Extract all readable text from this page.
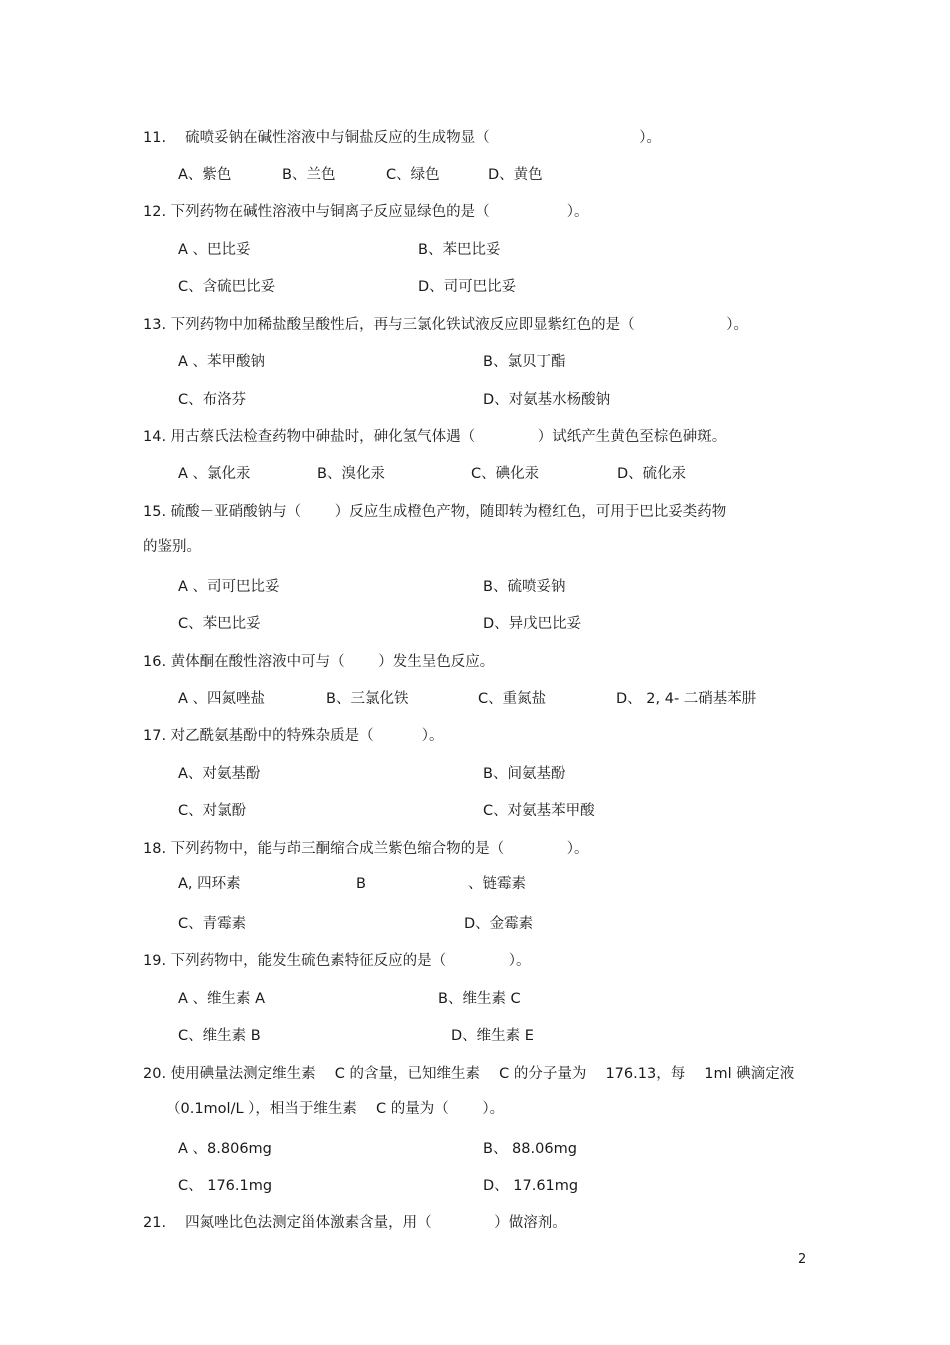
11.　 硫喷妥钠在碱性溶液中与铜盐反应的生成物显（　　　　　　　　　　 ）。
A、紫色	B、兰色	C、绿色	D、黄色
12. 下列药物在碱性溶液中与铜离子反应显绿色的是（　　　　　 ）。
A 、巴比妥	B、苯巴比妥
C、含硫巴比妥	D、司可巴比妥
13. 下列药物中加稀盐酸呈酸性后，再与三氯化铁试液反应即显紫红色的是（　　　　　　 ）。
A 、苯甲酸钠	B、氯贝丁酯
C、布洛芬	D、对氨基水杨酸钠
14. 用古蔡氏法检查药物中砷盐时，砷化氢气体遇（　　　　 ）试纸产生黄色至棕色砷斑。
A 、氯化汞	B、溴化汞	C、碘化汞	D、硫化汞
15. 硫酸－亚硝酸钠与（　　 ）反应生成橙色产物，随即转为橙红色，可用于巴比妥类药物
的鉴别。
A 、司可巴比妥	B、硫喷妥钠
C、苯巴比妥	D、异戊巴比妥
16. 黄体酮在酸性溶液中可与（　　 ）发生呈色反应。
A 、四氮唑盐	B、三氯化铁	C、重氮盐	D、 2, 4- 二硝基苯肼
17. 对乙酰氨基酚中的特殊杂质是（　　　 ）。
A、对氨基酚	B、间氨基酚
C、对氯酚	C、对氨基苯甲酸
18. 下列药物中，能与茚三酮缩合成兰紫色缩合物的是（　　　　 ）。
A, 四环素	B	、链霉素
C、青霉素	D、金霉素
19. 下列药物中，能发生硫色素特征反应的是（　　　　 ）。
A 、维生素 A	B、维生素 C
C、维生素 B	D、维生素 E
20. 使用碘量法测定维生素　 C 的含量，已知维生素　 C 的分子量为　 176.13，每　 1ml 碘滴定液
（0.1mol/L ），相当于维生素　 C 的量为（　　 ）。
A 、8.806mg	B、 88.06mg
C、 176.1mg	D、 17.61mg
21.　 四氮唑比色法测定甾体激素含量，用（　　　　 ）做溶剂。
2
